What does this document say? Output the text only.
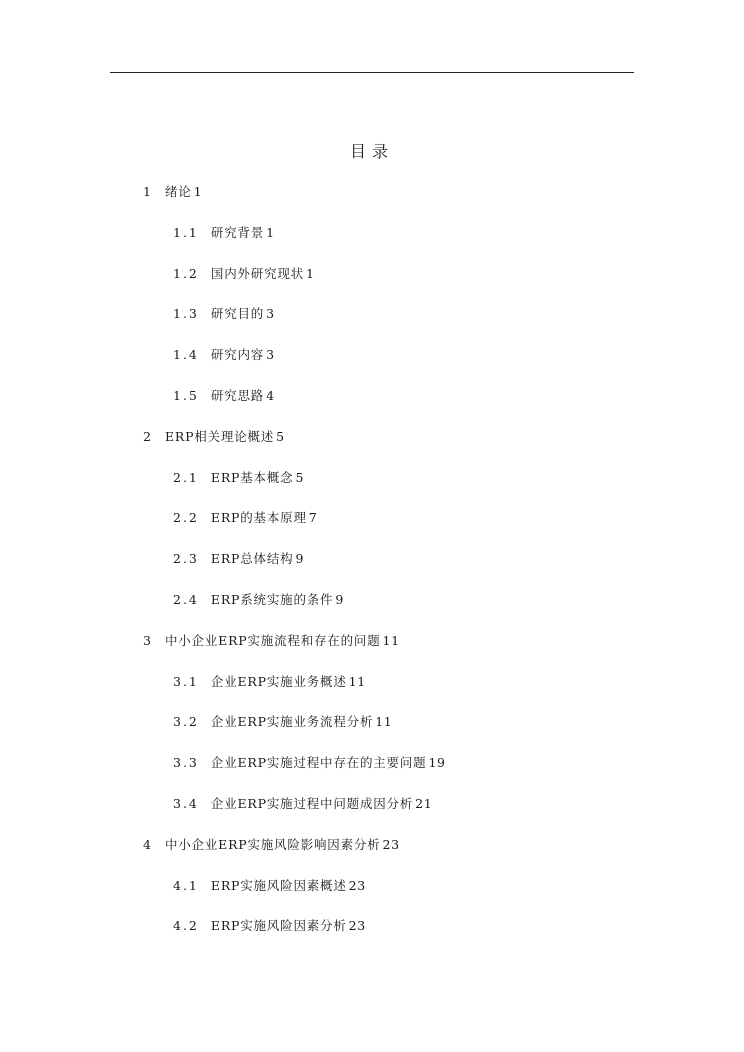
目录
1 绪论 1
1.1 研究背景 1
1.2 国内外研究现状 1
1.3 研究目的 3
1.4 研究内容 3
1.5 研究思路 4
2 ERP相关理论概述 5
2.1 ERP基本概念 5
2.2 ERP的基本原理 7
2.3 ERP总体结构 9
2.4 ERP系统实施的条件 9
3 中小企业ERP实施流程和存在的问题 11
3.1 企业ERP实施业务概述 11
3.2 企业ERP实施业务流程分析 11
3.3 企业ERP实施过程中存在的主要问题 19
3.4 企业ERP实施过程中问题成因分析 21
4 中小企业ERP实施风险影响因素分析 23
4.1 ERP实施风险因素概述 23
4.2 ERP实施风险因素分析 23
